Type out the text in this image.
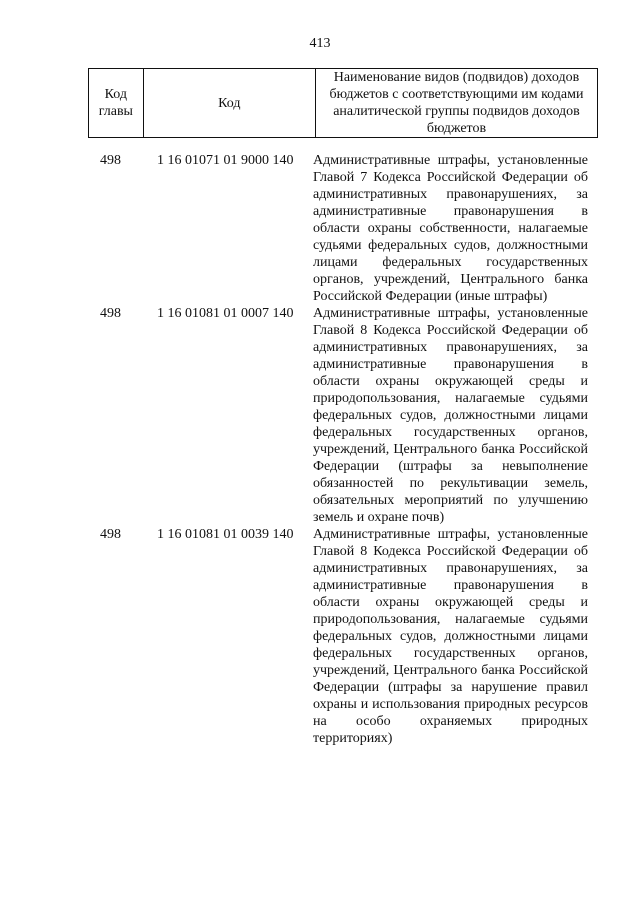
413
Код главы	Код	Наименование видов (подвидов) доходов бюджетов с соответствующими им кодами аналитической группы подвидов доходов бюджетов
498	1 16 01071 01 9000 140	Административные штрафы, установленные Главой 7 Кодекса Российской Федерации об административных правонарушениях, за административные правонарушения в области охраны собственности, налагаемые судьями федеральных судов, должностными лицами федеральных государственных органов, учреждений, Центрального банка Российской Федерации (иные штрафы)
498	1 16 01081 01 0007 140	Административные штрафы, установленные Главой 8 Кодекса Российской Федерации об административных правонарушениях, за административные правонарушения в области охраны окружающей среды и природопользования, налагаемые судьями федеральных судов, должностными лицами федеральных государственных органов, учреждений, Центрального банка Российской Федерации (штрафы за невыполнение обязанностей по рекультивации земель, обязательных мероприятий по улучшению земель и охране почв)
498	1 16 01081 01 0039 140	Административные штрафы, установленные Главой 8 Кодекса Российской Федерации об административных правонарушениях, за административные правонарушения в области охраны окружающей среды и природопользования, налагаемые судьями федеральных судов, должностными лицами федеральных государственных органов, учреждений, Центрального банка Российской Федерации (штрафы за нарушение правил охраны и использования природных ресурсов на особо охраняемых природных территориях)
